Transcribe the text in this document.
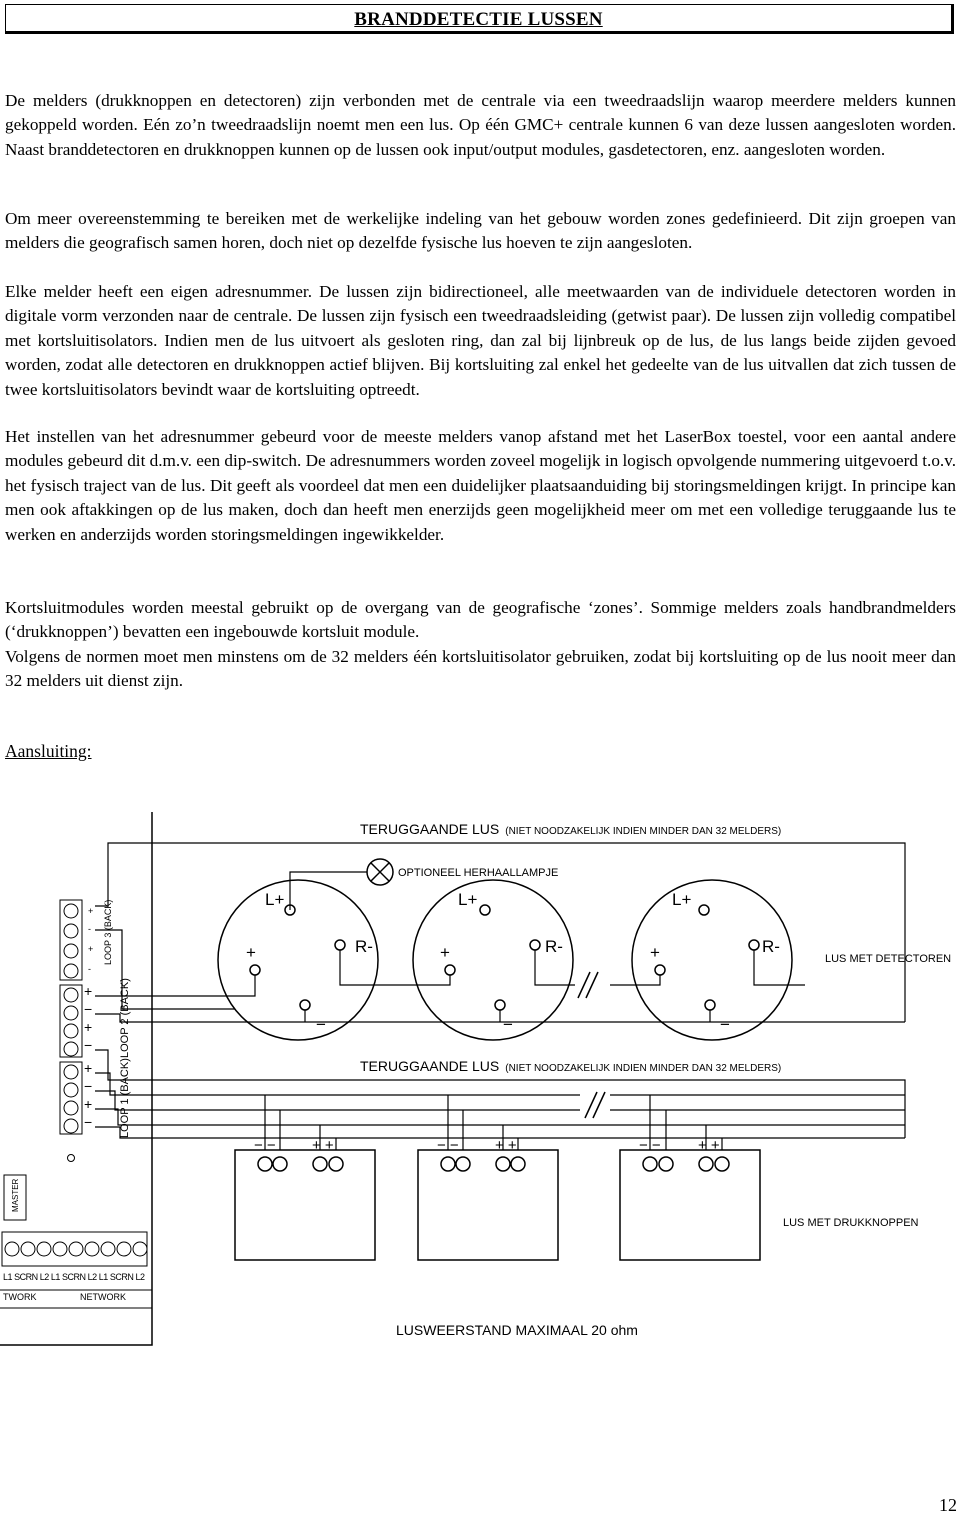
BRANDDETECTIE LUSSEN

De melders (drukknoppen en detectoren) zijn verbonden met de centrale via een tweedraadslijn waarop meerdere melders kunnen gekoppeld worden. Eén zo’n tweedraadslijn noemt men een lus. Op één GMC+ centrale kunnen 6 van deze lussen aangesloten worden. Naast branddetectoren en drukknoppen kunnen op de lussen ook input/output modules, gasdetectoren, enz. aangesloten worden.

Om meer overeenstemming te bereiken met de werkelijke indeling van het gebouw worden zones gedefinieerd. Dit zijn groepen van melders die geografisch samen horen, doch niet op dezelfde fysische lus hoeven te zijn aangesloten.

Elke melder heeft een eigen adresnummer. De lussen zijn bidirectioneel, alle meetwaarden van de individuele detectoren worden in digitale vorm verzonden naar de centrale. De lussen zijn fysisch een tweedraadsleiding (getwist paar). De lussen zijn volledig compatibel met kortsluitisolators. Indien men de lus uitvoert als gesloten ring, dan zal bij lijnbreuk op de lus, de lus langs beide zijden gevoed worden, zodat alle detectoren en drukknoppen actief blijven. Bij kortsluiting zal enkel het gedeelte van de lus uitvallen dat zich tussen de twee kortsluitisolators bevindt waar de kortsluiting optreedt.

Het instellen van het adresnummer gebeurd voor de meeste melders vanop afstand met het LaserBox toestel, voor een aantal andere modules gebeurd dit d.m.v. een dip-switch. De adresnummers worden zoveel mogelijk in logisch opvolgende nummering uitgevoerd t.o.v. het fysisch traject van de lus. Dit geeft als voordeel dat men een duidelijker plaatsaanduiding bij storingsmeldingen krijgt. In principe kan men ook aftakkingen op de lus maken, doch dan heeft men enerzijds geen mogelijkheid meer om met een volledige teruggaande lus te werken en anderzijds worden storingsmeldingen ingewikkelder.

Kortsluitmodules worden meestal gebruikt op de overgang van de geografische ‘zones’. Sommige melders zoals handbrandmelders (‘drukknoppen’) bevatten een ingebouwde kortsluit module.

Volgens de normen moet men minstens om de 32 melders één kortsluitisolator gebruiken, zodat bij kortsluiting op de lus nooit meer dan 32 melders uit dienst zijn.

Aansluiting:
+
−
+
−
+
−
+
−
+
-
+
-
LOOP 3 (BACK)
LOOP 2 (BACK)
LOOP 1 (BACK)
MASTER
L1 SCRN L2 L1 SCRN L2 L1 SCRN L2
TWORK	NETWORK
TERUGGAANDE LUS (NIET NOODZAKELIJK INDIEN MINDER DAN 32 MELDERS)
OPTIONEEL HERHAALLAMPJE
L+
R-
+
−
L+
R-
+
−
L+
R-
+
−
LUS MET DETECTOREN
TERUGGAANDE LUS (NIET NOODZAKELIJK INDIEN MINDER DAN 32 MELDERS)
− − + +	− − + +	− − + +
LUS MET DRUKKNOPPEN
LUSWEERSTAND MAXIMAAL 20 ohm
12
